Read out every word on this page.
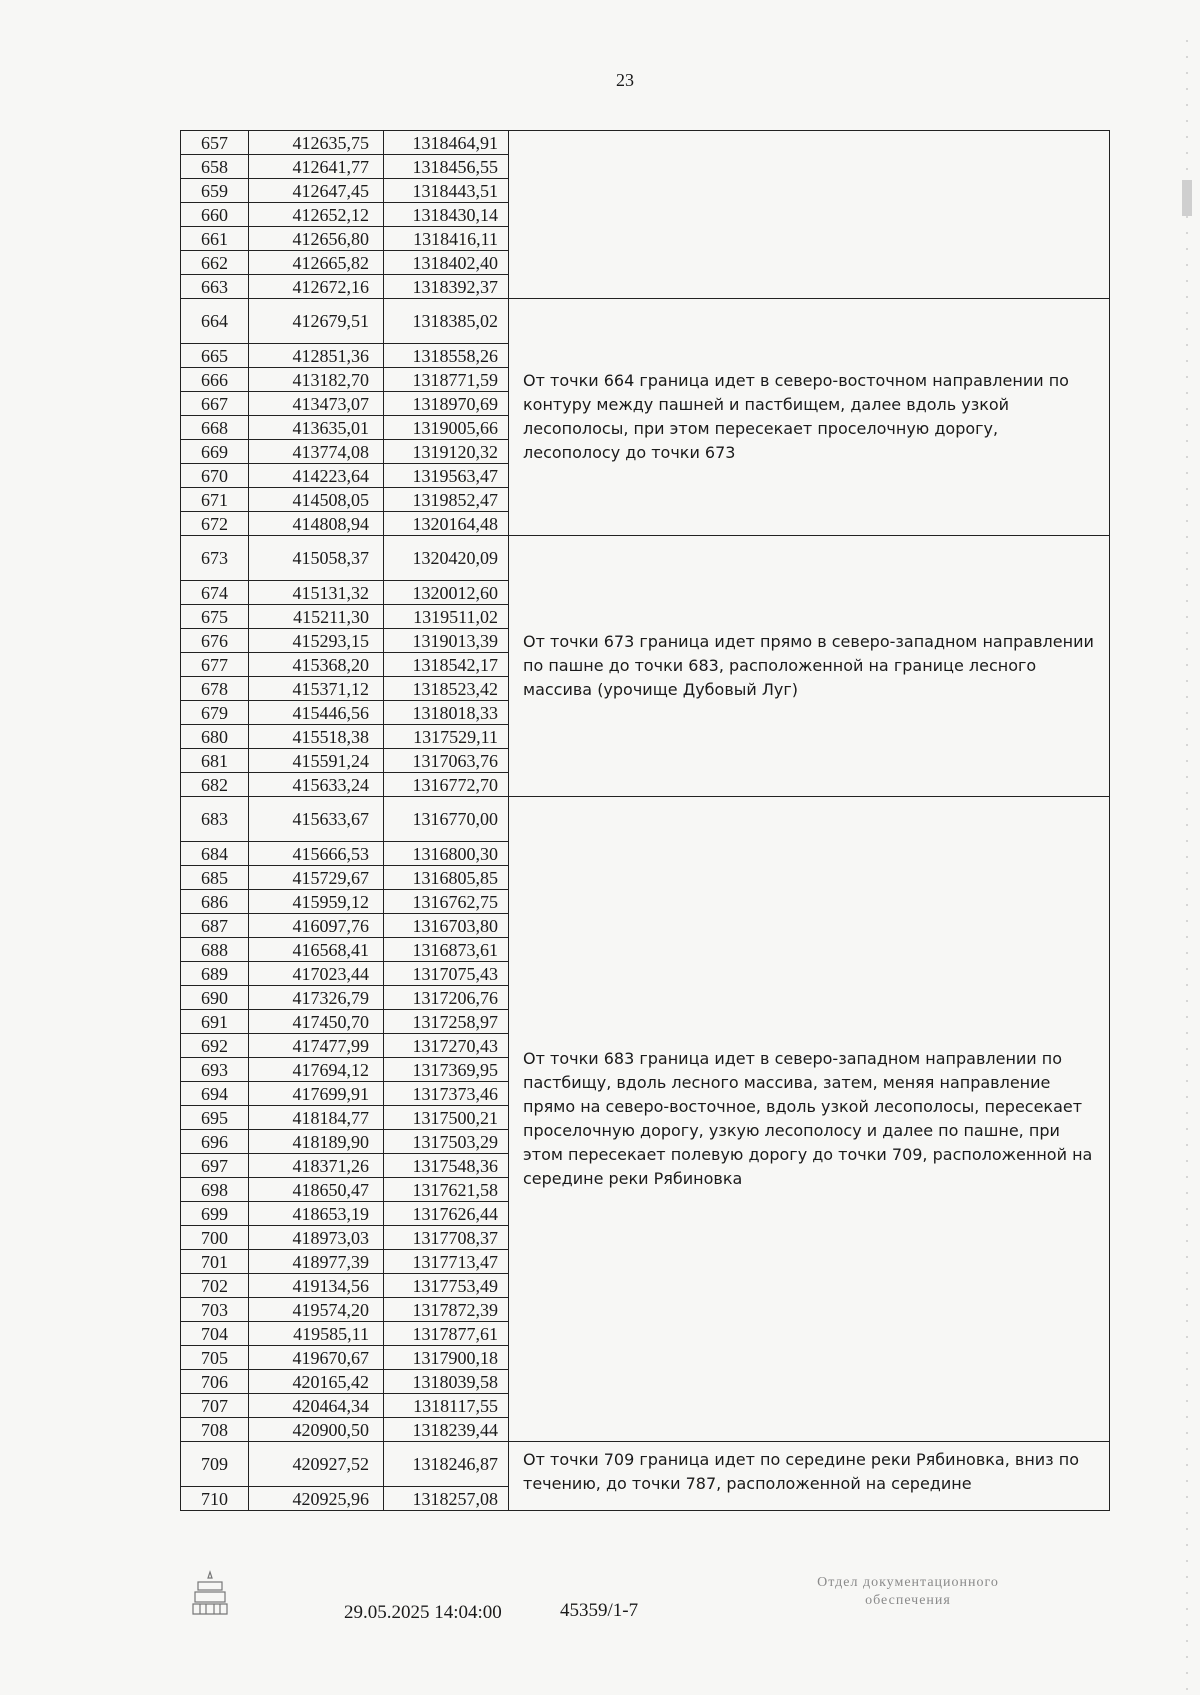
23
657	412635,75	1318464,91	
658	412641,77	1318456,55	
659	412647,45	1318443,51	
660	412652,12	1318430,14	
661	412656,80	1318416,11	
662	412665,82	1318402,40	
663	412672,16	1318392,37	
664	412679,51	1318385,02	От точки 664 граница идет в северо-восточном направлении по контуру между пашней и пастбищем, далее вдоль узкой лесополосы, при этом пересекает проселочную дорогу, лесополосу до точки 673
665	412851,36	1318558,26	
666	413182,70	1318771,59	
667	413473,07	1318970,69	
668	413635,01	1319005,66	
669	413774,08	1319120,32	
670	414223,64	1319563,47	
671	414508,05	1319852,47	
672	414808,94	1320164,48	
673	415058,37	1320420,09	От точки 673 граница идет прямо в северо-западном направлении по пашне до точки 683, расположенной на границе лесного массива (урочище Дубовый Луг)
674	415131,32	1320012,60	
675	415211,30	1319511,02	
676	415293,15	1319013,39	
677	415368,20	1318542,17	
678	415371,12	1318523,42	
679	415446,56	1318018,33	
680	415518,38	1317529,11	
681	415591,24	1317063,76	
682	415633,24	1316772,70	
683	415633,67	1316770,00	От точки 683 граница идет в северо-западном направлении по пастбищу, вдоль лесного массива, затем, меняя направление прямо на северо-восточное, вдоль узкой лесополосы, пересекает проселочную дорогу, узкую лесополосу и далее по пашне, при этом пересекает полевую дорогу до точки 709, расположенной на середине реки Рябиновка
684	415666,53	1316800,30	
685	415729,67	1316805,85	
686	415959,12	1316762,75	
687	416097,76	1316703,80	
688	416568,41	1316873,61	
689	417023,44	1317075,43	
690	417326,79	1317206,76	
691	417450,70	1317258,97	
692	417477,99	1317270,43	
693	417694,12	1317369,95	
694	417699,91	1317373,46	
695	418184,77	1317500,21	
696	418189,90	1317503,29	
697	418371,26	1317548,36	
698	418650,47	1317621,58	
699	418653,19	1317626,44	
700	418973,03	1317708,37	
701	418977,39	1317713,47	
702	419134,56	1317753,49	
703	419574,20	1317872,39	
704	419585,11	1317877,61	
705	419670,67	1317900,18	
706	420165,42	1318039,58	
707	420464,34	1318117,55	
708	420900,50	1318239,44	
709	420927,52	1318246,87	От точки 709 граница идет по середине реки Рябиновка, вниз по течению, до точки 787, расположенной на середине
710	420925,96	1318257,08	
29.05.2025 14:04:00	45359/1-7
Отдел документационного
обеспечения
